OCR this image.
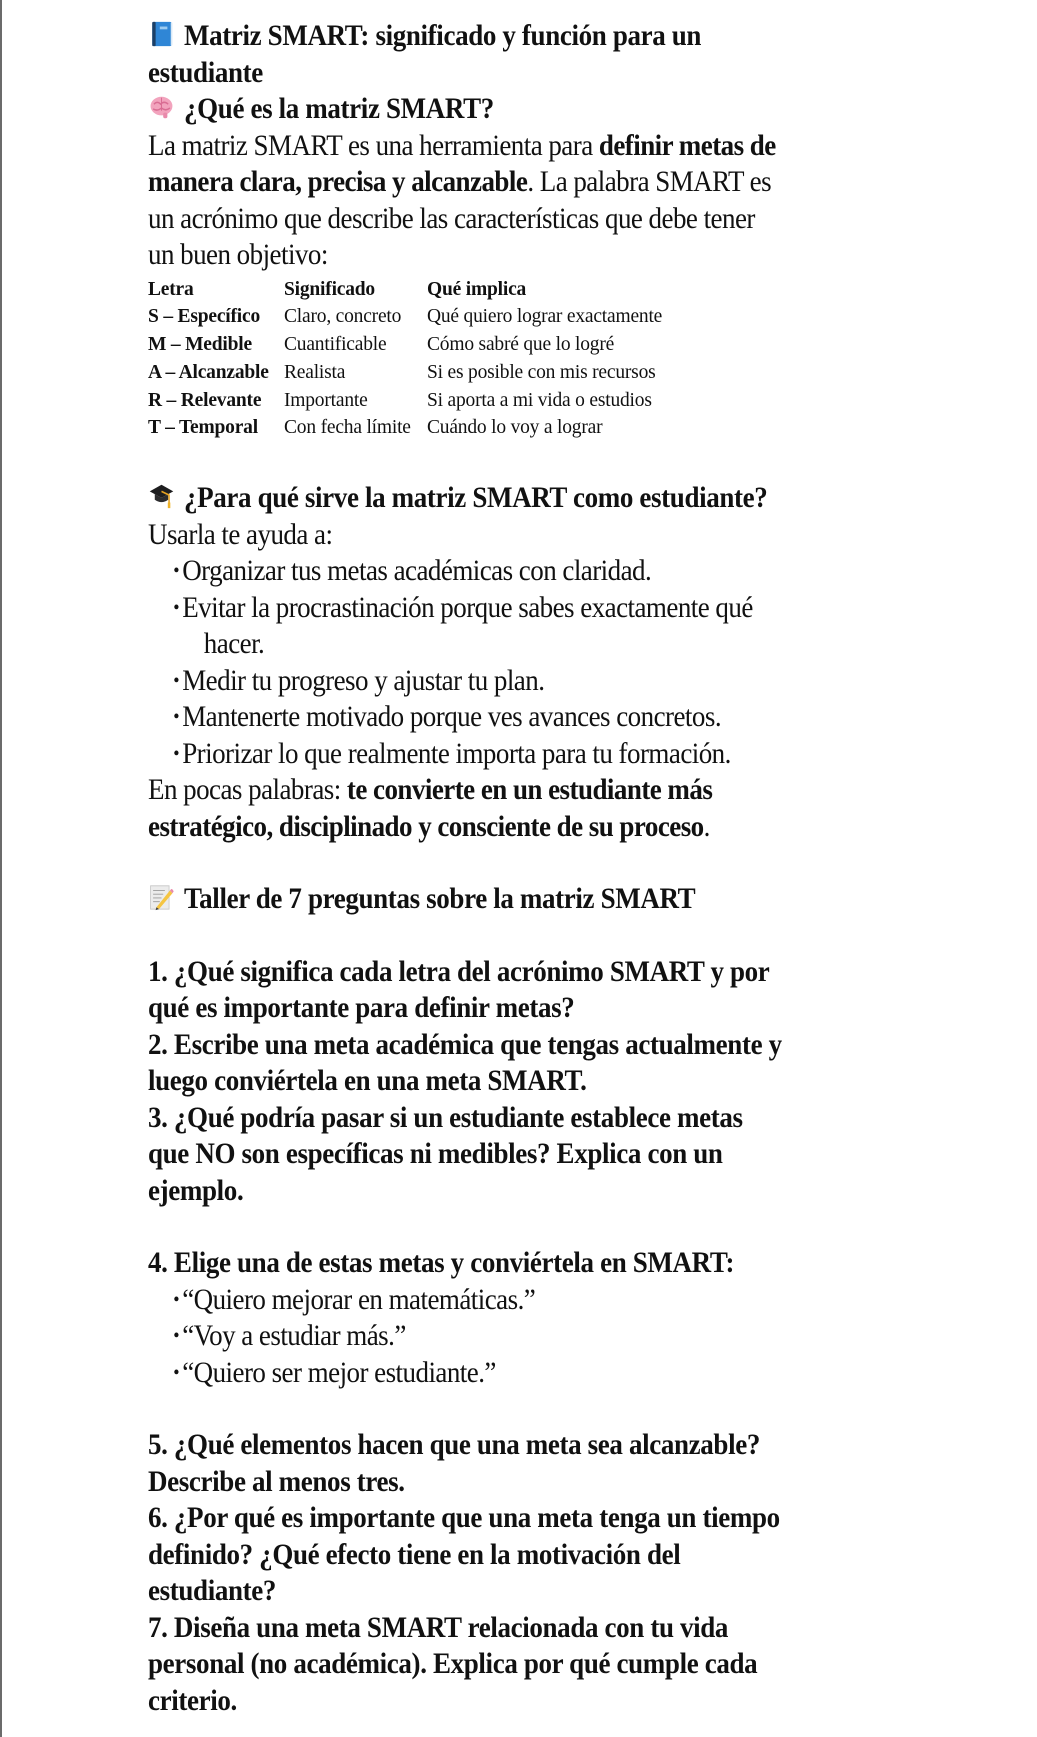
Matriz SMART: significado y función para un
estudiante
¿Qué es la matriz SMART?
La matriz SMART es una herramienta para definir metas de
manera clara, precisa y alcanzable. La palabra SMART es
un acrónimo que describe las características que debe tener
un buen objetivo:
Letra	Significado	Qué implica
S – Específico	Claro, concreto	Qué quiero lograr exactamente
M – Medible	Cuantificable	Cómo sabré que lo logré
A – Alcanzable	Realista	Si es posible con mis recursos
R – Relevante	Importante	Si aporta a mi vida o estudios
T – Temporal	Con fecha límite	Cuándo lo voy a lograr
¿Para qué sirve la matriz SMART como estudiante?
Usarla te ayuda a:
• Organizar tus metas académicas con claridad.
• Evitar la procrastinación porque sabes exactamente qué
hacer.
• Medir tu progreso y ajustar tu plan.
• Mantenerte motivado porque ves avances concretos.
• Priorizar lo que realmente importa para tu formación.
En pocas palabras: te convierte en un estudiante más
estratégico, disciplinado y consciente de su proceso.
Taller de 7 preguntas sobre la matriz SMART
1. ¿Qué significa cada letra del acrónimo SMART y por
qué es importante para definir metas?
2. Escribe una meta académica que tengas actualmente y
luego conviértela en una meta SMART.
3. ¿Qué podría pasar si un estudiante establece metas
que NO son específicas ni medibles? Explica con un
ejemplo.
4. Elige una de estas metas y conviértela en SMART:
• “Quiero mejorar en matemáticas.”
• “Voy a estudiar más.”
• “Quiero ser mejor estudiante.”
5. ¿Qué elementos hacen que una meta sea alcanzable?
Describe al menos tres.
6. ¿Por qué es importante que una meta tenga un tiempo
definido? ¿Qué efecto tiene en la motivación del
estudiante?
7. Diseña una meta SMART relacionada con tu vida
personal (no académica). Explica por qué cumple cada
criterio.
